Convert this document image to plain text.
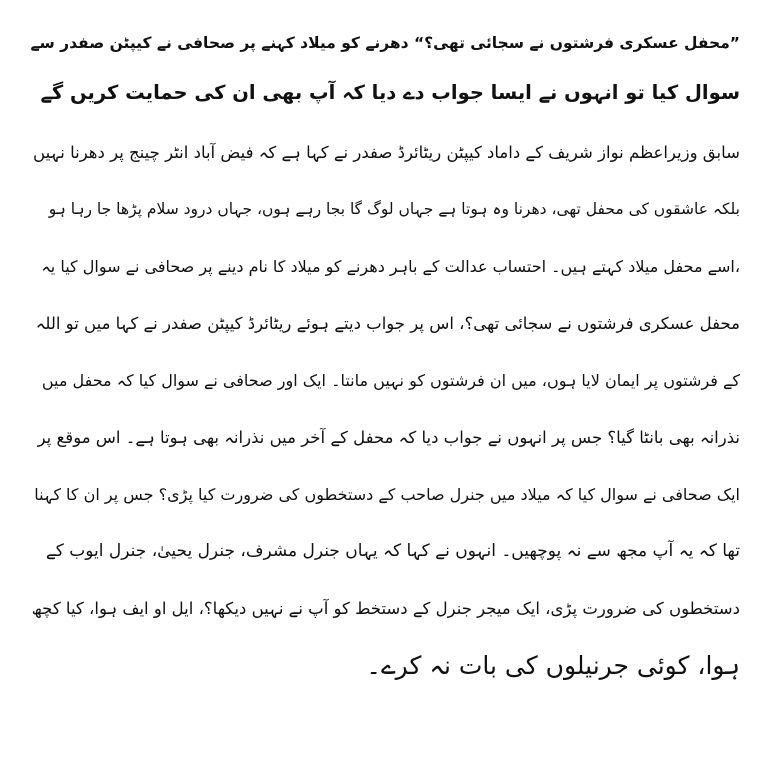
”محفل عسکری فرشتوں نے سجائی تھی؟“ دھرنے کو میلاد کہنے پر صحافی نے کیپٹن صفدر سے
سوال کیا تو انہوں نے ایسا جواب دے دیا کہ آپ بھی ان کی حمایت کریں گے
سابق وزیراعظم نواز شریف کے داماد کیپٹن ریٹائرڈ صفدر نے کہا ہے کہ فیض آباد انٹر چینج پر دھرنا نہیں
بلکہ عاشقوں کی محفل تھی، دھرنا وہ ہوتا ہے جہاں لوگ گا بجا رہے ہوں، جہاں درود سلام پڑھا جا رہا ہو
،اسے محفل میلاد کہتے ہیں۔ احتساب عدالت کے باہر دھرنے کو میلاد کا نام دینے پر صحافی نے سوال کیا یہ
محفل عسکری فرشتوں نے سجائی تھی؟، اس پر جواب دیتے ہوئے ریٹائرڈ کیپٹن صفدر نے کہا میں تو اللہ
کے فرشتوں پر ایمان لایا ہوں، میں ان فرشتوں کو نہیں مانتا۔ ایک اور صحافی نے سوال کیا کہ محفل میں
نذرانہ بھی بانٹا گیا؟ جس پر انہوں نے جواب دیا کہ محفل کے آخر میں نذرانہ بھی ہوتا ہے۔ اس موقع پر
ایک صحافی نے سوال کیا کہ میلاد میں جنرل صاحب کے دستخطوں کی ضرورت کیا پڑی؟ جس پر ان کا کہنا
تھا کہ یہ آپ مجھ سے نہ پوچھیں۔ انہوں نے کہا کہ یہاں جنرل مشرف، جنرل یحییٰ، جنرل ایوب کے
دستخطوں کی ضرورت پڑی، ایک میجر جنرل کے دستخط کو آپ نے نہیں دیکھا؟، ایل او ایف ہوا، کیا کچھ
ہوا، کوئی جرنیلوں کی بات نہ کرے۔
